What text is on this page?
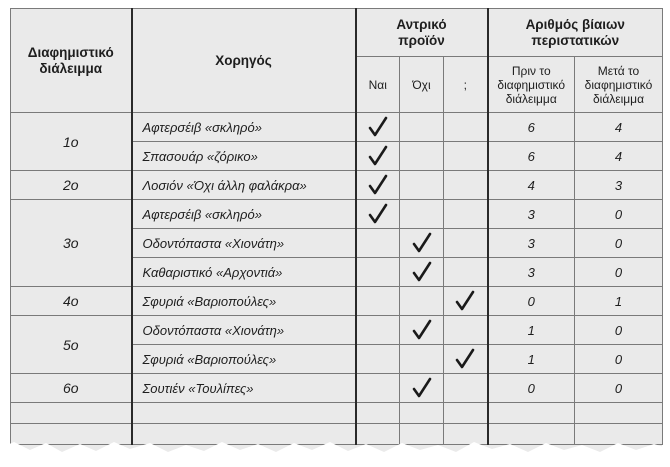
Διαφημιστικό διάλειμμα	Χορηγός	Αντρικό προϊόν			Αριθμός βίαιων περιστατικών	
		Ναι	Όχι	;	Πριν το διαφημιστικό διάλειμμα	Μετά το διαφημιστικό διάλειμμα
1ο	Αφτερσέιβ «σκληρό»				6	4
	Σπασουάρ «ζόρικο»				6	4
2ο	Λοσιόν «Όχι άλλη φαλάκρα»				4	3
3ο	Αφτερσέιβ «σκληρό»				3	0
	Οδοντόπαστα «Χιονάτη»				3	0
	Καθαριστικό «Αρχοντιά»				3	0
4ο	Σφυριά «Βαριοπούλες»				0	1
5ο	Οδοντόπαστα «Χιονάτη»				1	0
	Σφυριά «Βαριοπούλες»				1	0
6ο	Σουτιέν «Τουλίπες»				0	0
